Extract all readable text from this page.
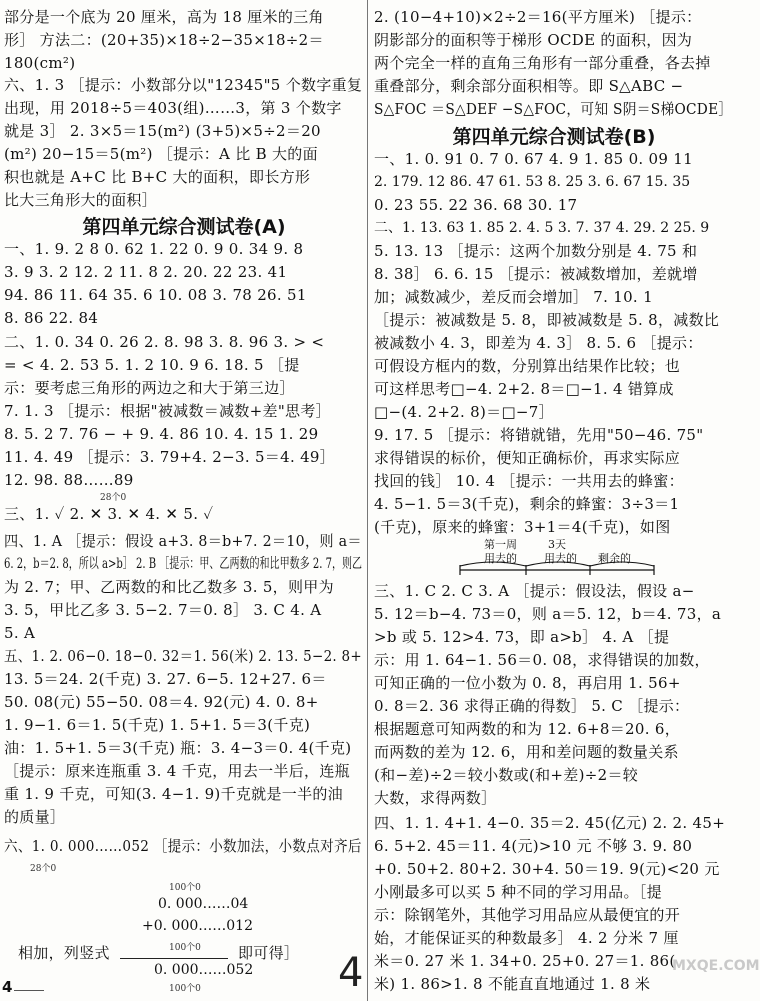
部分是一个底为 20 厘米，高为 18 厘米的三角
形］ 方法二：(20+35)×18÷2−35×18÷2＝
180(cm²)
六、1. 3 ［提示：小数部分以"12345"5 个数字重复
出现，用 2018÷5＝403(组)……3，第 3 个数字
就是 3］ 2. 3×5＝15(m²) (3+5)×5÷2＝20
(m²) 20−15＝5(m²) ［提示：A 比 B 大的面
积也就是 A+C 比 B+C 大的面积，即长方形
比大三角形大的面积］
第四单元综合测试卷(A)
一、1. 9. 2 8 0. 62 1. 22 0. 9 0. 34 9. 8
3. 9 3. 2 12. 2 11. 8 2. 20. 22 23. 41
94. 86 11. 64 35. 6 10. 08 3. 78 26. 51
8. 86 22. 84
二、1. 0. 34 0. 26 2. 8. 98 3. 8. 96 3. > <
= < 4. 2. 53 5. 1. 2 10. 9 6. 18. 5 ［提
示：要考虑三角形的两边之和大于第三边］
7. 1. 3 ［提示：根据"被减数＝减数+差"思考］
8. 5. 2 7. 76 − + 9. 4. 86 10. 4. 15 1. 29
11. 4. 49 ［提示：3. 79+4. 2−3. 5＝4. 49］
12. 98. 88……89
28个0
三、1. ✓ 2. ✕ 3. ✕ 4. ✕ 5. ✓
四、1. A ［提示：假设 a+3. 8＝b+7. 2＝10，则 a＝
6. 2，b＝2. 8，所以 a>b］ 2. B ［提示：甲、乙两数的和比甲数多 2. 7，则乙
为 2. 7；甲、乙两数的和比乙数多 3. 5，则甲为
3. 5，甲比乙多 3. 5−2. 7＝0. 8］ 3. C 4. A
5. A
五、1. 2. 06−0. 18−0. 32＝1. 56(米) 2. 13. 5−2. 8+
13. 5＝24. 2(千克) 3. 27. 6−5. 12+27. 6＝
50. 08(元) 55−50. 08＝4. 92(元) 4. 0. 8+
1. 9−1. 6＝1. 5(千克) 1. 5+1. 5＝3(千克)
油：1. 5+1. 5＝3(千克) 瓶：3. 4−3＝0. 4(千克)
［提示：原来连瓶重 3. 4 千克，用去一半后，连瓶
重 1. 9 千克，可知(3. 4−1. 9)千克就是一半的油
的质量］
六、1. 0. 000……052 ［提示：小数加法，小数点对齐后
28个0
100个0
0. 000……04
+0. 000……012
100个0
相加，列竖式	即可得］
0. 000……052
100个0
2. (10−4+10)×2÷2＝16(平方厘米) ［提示：
阴影部分的面积等于梯形 OCDE 的面积，因为
两个完全一样的直角三角形有一部分重叠，各去掉
重叠部分，剩余部分面积相等。即 S△ABC −
S△FOC ＝S△DEF −S△FOC，可知 S阴＝S梯OCDE］
第四单元综合测试卷(B)
一、1. 0. 91 0. 7 0. 67 4. 9 1. 85 0. 09 11
2. 179. 12 86. 47 61. 53 8. 25 3. 6. 67 15. 35
0. 23 55. 22 36. 68 30. 17
二、1. 13. 63 1. 85 2. 4. 5 3. 7. 37 4. 29. 2 25. 9
5. 13. 13 ［提示：这两个加数分别是 4. 75 和
8. 38］ 6. 6. 15 ［提示：被减数增加，差就增
加；减数减少，差反而会增加］ 7. 10. 1
［提示：被减数是 5. 8，即被减数是 5. 8，减数比
被减数小 4. 3，即差为 4. 3］ 8. 5. 6 ［提示：
可假设方框内的数，分别算出结果作比较；也
可这样思考□−4. 2+2. 8＝□−1. 4 错算成
□−(4. 2+2. 8)＝□−7］
9. 17. 5 ［提示：将错就错，先用"50−46. 75"
求得错误的标价，便知正确标价，再求实际应
找回的钱］ 10. 4 ［提示：一共用去的蜂蜜：
4. 5−1. 5＝3(千克)，剩余的蜂蜜：3÷3＝1
(千克)，原来的蜂蜜：3+1＝4(千克)，如图
第一周
用去的
3天
用去的 剩余的
三、1. C 2. C 3. A ［提示：假设法，假设 a−
5. 12＝b−4. 73＝0，则 a＝5. 12，b＝4. 73，a
>b 或 5. 12>4. 73，即 a>b］ 4. A ［提
示：用 1. 64−1. 56＝0. 08，求得错误的加数，
可知正确的一位小数为 0. 8，再启用 1. 56+
0. 8＝2. 36 求得正确的得数］ 5. C ［提示：
根据题意可知两数的和为 12. 6+8＝20. 6，
而两数的差为 12. 6，用和差问题的数量关系
(和−差)÷2＝较小数或(和+差)÷2＝较
大数，求得两数］
四、1. 1. 4+1. 4−0. 35＝2. 45(亿元) 2. 2. 45+
6. 5+2. 45＝11. 4(元)>10 元 不够 3. 9. 80
+0. 50+2. 80+2. 30+4. 50＝19. 9(元)<20 元
小刚最多可以买 5 种不同的学习用品。［提
示：除钢笔外，其他学习用品应从最便宜的开
始，才能保证买的种数最多］ 4. 2 分米 7 厘
米＝0. 27 米 1. 34+0. 25+0. 27＝1. 86(
米) 1. 86>1. 8 不能直直地通过 1. 8 米
4	4	MXQE.COM
